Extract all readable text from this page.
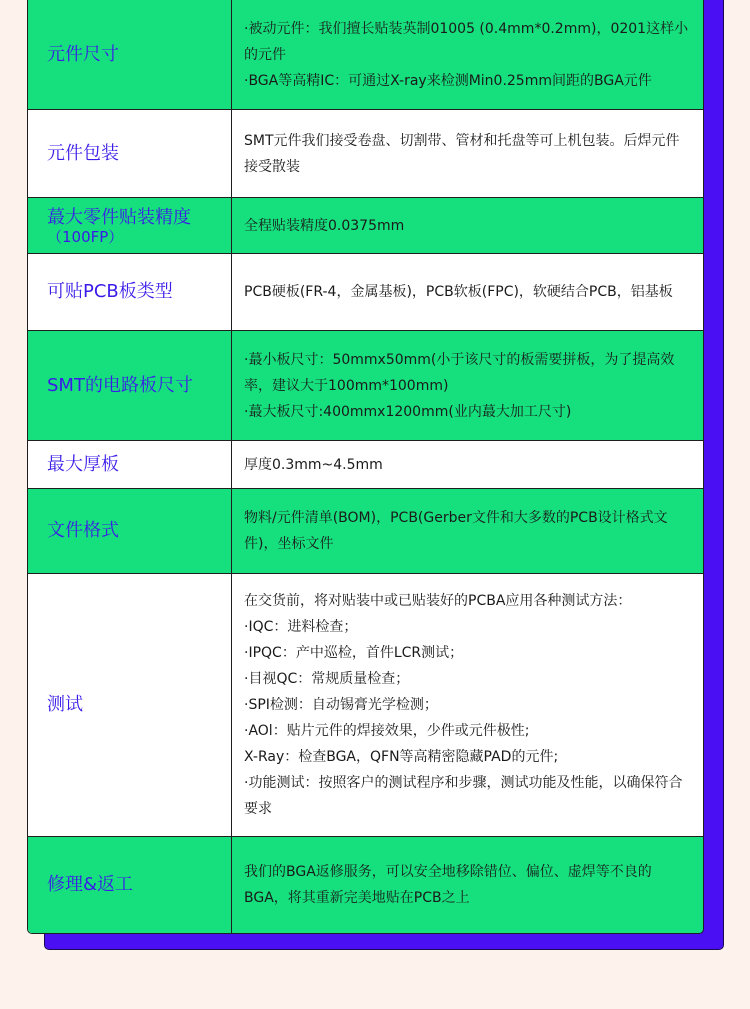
元件尺寸
·被动元件：我们擅长贴装英制01005 (0.4mm*0.2mm)，0201这样小的元件
·BGA等高精IC：可通过X-ray来检测Min0.25mm间距的BGA元件
元件包装
SMT元件我们接受卷盘、切割带、管材和托盘等可上机包装。后焊元件接受散装
蕞大零件贴装精度
（100FP）
全程贴装精度0.0375mm
可贴PCB板类型	PCB硬板(FR-4，金属基板)，PCB软板(FPC)，软硬结合PCB，铝基板
SMT的电路板尺寸
·蕞小板尺寸：50mmx50mm(小于该尺寸的板需要拼板，为了提高效率，建议大于100mm*100mm)
·蕞大板尺寸:400mmx1200mm(业内蕞大加工尺寸)
最大厚板	厚度0.3mm~4.5mm
文件格式
物料/元件清单(BOM)，PCB(Gerber文件和大多数的PCB设计格式文件)，坐标文件
测试
在交货前，将对贴装中或已贴装好的PCBA应用各种测试方法：
·IQC：进料检查；
·IPQC：产中巡检，首件LCR测试；
·目视QC：常规质量检查；
·SPI检测：自动锡膏光学检测；
·AOl：贴片元件的焊接效果，少件或元件极性;
X-Ray：检查BGA，QFN等高精密隐藏PAD的元件;
·功能测试：按照客户的测试程序和步骤，测试功能及性能，以确保符合要求
修理&返工
我们的BGA返修服务，可以安全地移除错位、偏位、虚焊等不良的BGA，将其重新完美地贴在PCB之上
